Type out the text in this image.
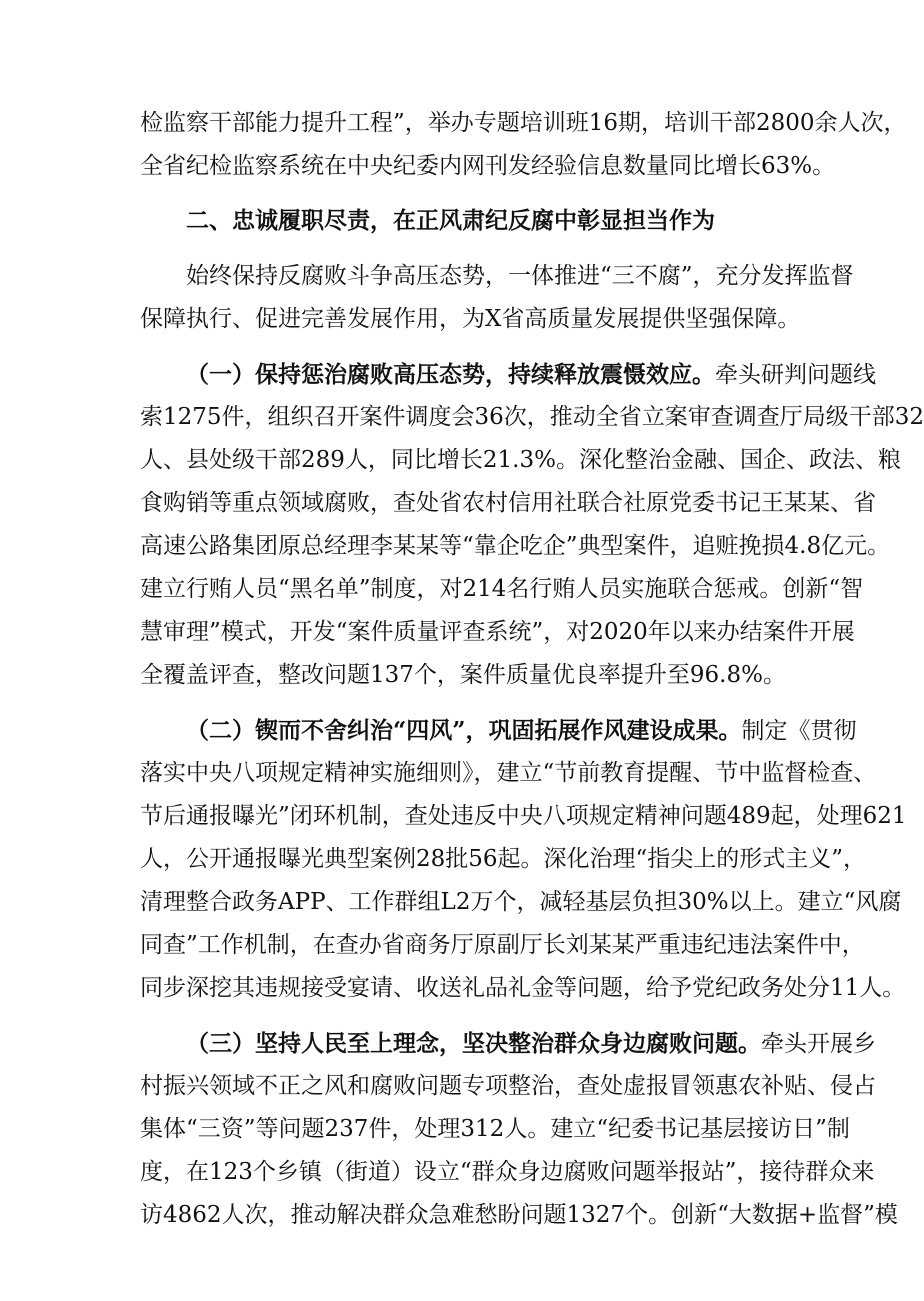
检监察干部能力提升工程”，举办专题培训班16期，培训干部2800余人次，
全省纪检监察系统在中央纪委内网刊发经验信息数量同比增长63%。
二、忠诚履职尽责，在正风肃纪反腐中彰显担当作为
始终保持反腐败斗争高压态势，一体推进“三不腐”，充分发挥监督
保障执行、促进完善发展作用，为X省高质量发展提供坚强保障。
（一）保持惩治腐败高压态势，持续释放震慑效应。牵头研判问题线
索1275件，组织召开案件调度会36次，推动全省立案审查调查厅局级干部32
人、县处级干部289人，同比增长21.3%。深化整治金融、国企、政法、粮
食购销等重点领域腐败，查处省农村信用社联合社原党委书记王某某、省
高速公路集团原总经理李某某等“靠企吃企”典型案件，追赃挽损4.8亿元。
建立行贿人员“黑名单”制度，对214名行贿人员实施联合惩戒。创新“智
慧审理”模式，开发“案件质量评查系统”，对2020年以来办结案件开展
全覆盖评查，整改问题137个，案件质量优良率提升至96.8%。
（二）锲而不舍纠治“四风”，巩固拓展作风建设成果。制定《贯彻
落实中央八项规定精神实施细则》，建立“节前教育提醒、节中监督检查、
节后通报曝光”闭环机制，查处违反中央八项规定精神问题489起，处理621
人，公开通报曝光典型案例28批56起。深化治理“指尖上的形式主义”，
清理整合政务APP、工作群组L2万个，减轻基层负担30%以上。建立“风腐
同查”工作机制，在查办省商务厅原副厅长刘某某严重违纪违法案件中，
同步深挖其违规接受宴请、收送礼品礼金等问题，给予党纪政务处分11人。
（三）坚持人民至上理念，坚决整治群众身边腐败问题。牵头开展乡
村振兴领域不正之风和腐败问题专项整治，查处虚报冒领惠农补贴、侵占
集体“三资”等问题237件，处理312人。建立“纪委书记基层接访日”制
度，在123个乡镇（街道）设立“群众身边腐败问题举报站”，接待群众来
访4862人次，推动解决群众急难愁盼问题1327个。创新“大数据+监督”模
